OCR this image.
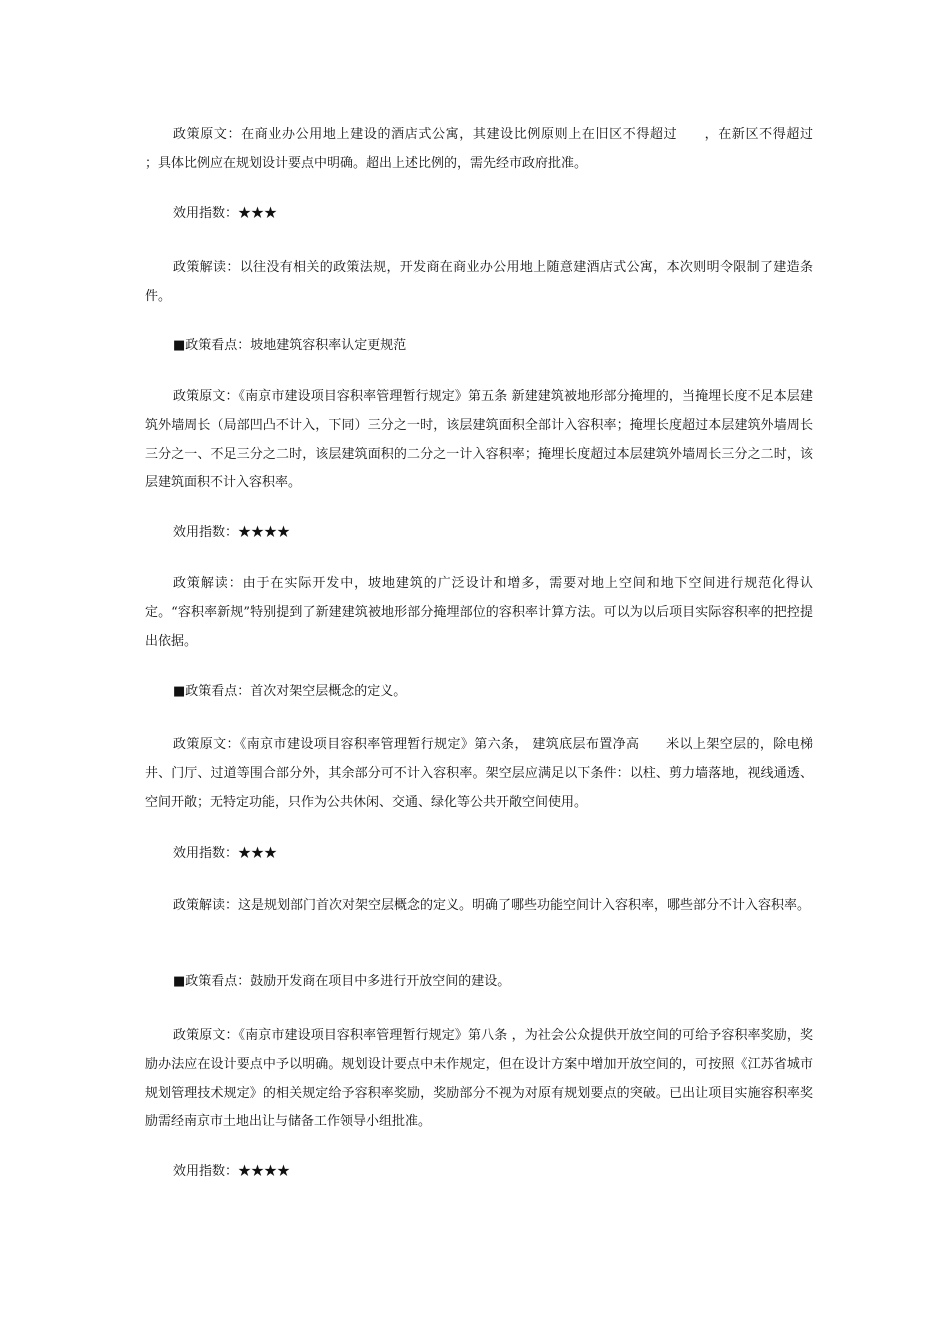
政策原文：在商业办公用地上建设的酒店式公寓，其建设比例原则上在旧区不得超过　　，在新区不得超过　　；具体比例应在规划设计要点中明确。超出上述比例的，需先经市政府批准。

效用指数：★★★

政策解读：以往没有相关的政策法规，开发商在商业办公用地上随意建酒店式公寓，本次则明令限制了建造条件。

■政策看点：坡地建筑容积率认定更规范

政策原文：《南京市建设项目容积率管理暂行规定》第五条 新建建筑被地形部分掩埋的，当掩埋长度不足本层建筑外墙周长（局部凹凸不计入，下同）三分之一时，该层建筑面积全部计入容积率；掩埋长度超过本层建筑外墙周长三分之一、不足三分之二时，该层建筑面积的二分之一计入容积率；掩埋长度超过本层建筑外墙周长三分之二时，该层建筑面积不计入容积率。

效用指数：★★★★

政策解读：由于在实际开发中，坡地建筑的广泛设计和增多，需要对地上空间和地下空间进行规范化得认定。“容积率新规”特别提到了新建建筑被地形部分掩埋部位的容积率计算方法。可以为以后项目实际容积率的把控提出依据。

■政策看点：首次对架空层概念的定义。

政策原文：《南京市建设项目容积率管理暂行规定》第六条， 建筑底层布置净高　　米以上架空层的，除电梯井、门厅、过道等围合部分外，其余部分可不计入容积率。架空层应满足以下条件：以柱、剪力墙落地，视线通透、空间开敞；无特定功能，只作为公共休闲、交通、绿化等公共开敞空间使用。

效用指数：★★★

政策解读：这是规划部门首次对架空层概念的定义。明确了哪些功能空间计入容积率，哪些部分不计入容积率。

■政策看点：鼓励开发商在项目中多进行开放空间的建设。

政策原文：《南京市建设项目容积率管理暂行规定》第八条 ，为社会公众提供开放空间的可给予容积率奖励，奖励办法应在设计要点中予以明确。规划设计要点中未作规定，但在设计方案中增加开放空间的，可按照《江苏省城市规划管理技术规定》的相关规定给予容积率奖励，奖励部分不视为对原有规划要点的突破。已出让项目实施容积率奖励需经南京市土地出让与储备工作领导小组批准。

效用指数：★★★★
